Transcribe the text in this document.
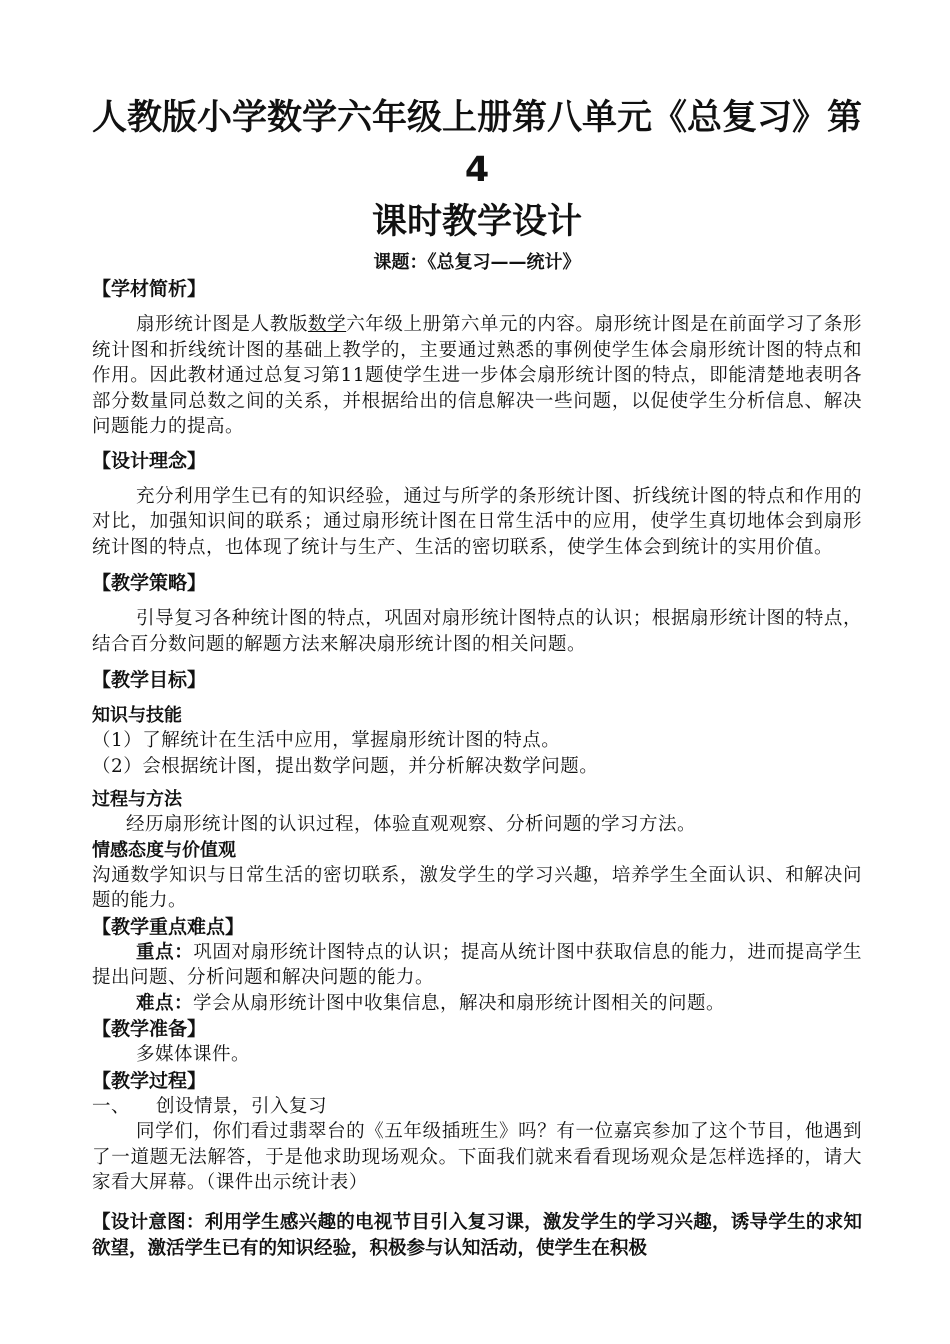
人教版小学数学六年级上册第八单元《总复习》第4
课时教学设计

课题：《总复习——统计》

【学材简析】

扇形统计图是人教版数学六年级上册第六单元的内容。扇形统计图是在前面学习了条形统计图和折线统计图的基础上教学的，主要通过熟悉的事例使学生体会扇形统计图的特点和作用。因此教材通过总复习第11题使学生进一步体会扇形统计图的特点，即能清楚地表明各部分数量同总数之间的关系，并根据给出的信息解决一些问题，以促使学生分析信息、解决问题能力的提高。

【设计理念】

充分利用学生已有的知识经验，通过与所学的条形统计图、折线统计图的特点和作用的对比，加强知识间的联系；通过扇形统计图在日常生活中的应用，使学生真切地体会到扇形统计图的特点，也体现了统计与生产、生活的密切联系，使学生体会到统计的实用价值。

【教学策略】

引导复习各种统计图的特点，巩固对扇形统计图特点的认识；根据扇形统计图的特点，结合百分数问题的解题方法来解决扇形统计图的相关问题。

【教学目标】

知识与技能

（1）了解统计在生活中应用，掌握扇形统计图的特点。

（2）会根据统计图，提出数学问题，并分析解决数学问题。

过程与方法

经历扇形统计图的认识过程，体验直观观察、分析问题的学习方法。

情感态度与价值观

沟通数学知识与日常生活的密切联系，激发学生的学习兴趣，培养学生全面认识、和解决问题的能力。

【教学重点难点】

重点：巩固对扇形统计图特点的认识；提高从统计图中获取信息的能力，进而提高学生提出问题、分析问题和解决问题的能力。

难点：学会从扇形统计图中收集信息，解决和扇形统计图相关的问题。

【教学准备】

多媒体课件。

【教学过程】

一、 创设情景，引入复习

同学们，你们看过翡翠台的《五年级插班生》吗？有一位嘉宾参加了这个节目，他遇到了一道题无法解答，于是他求助现场观众。下面我们就来看看现场观众是怎样选择的，请大家看大屏幕。（课件出示统计表）

【设计意图：利用学生感兴趣的电视节目引入复习课，激发学生的学习兴趣，诱导学生的求知欲望，激活学生已有的知识经验，积极参与认知活动，使学生在积极
